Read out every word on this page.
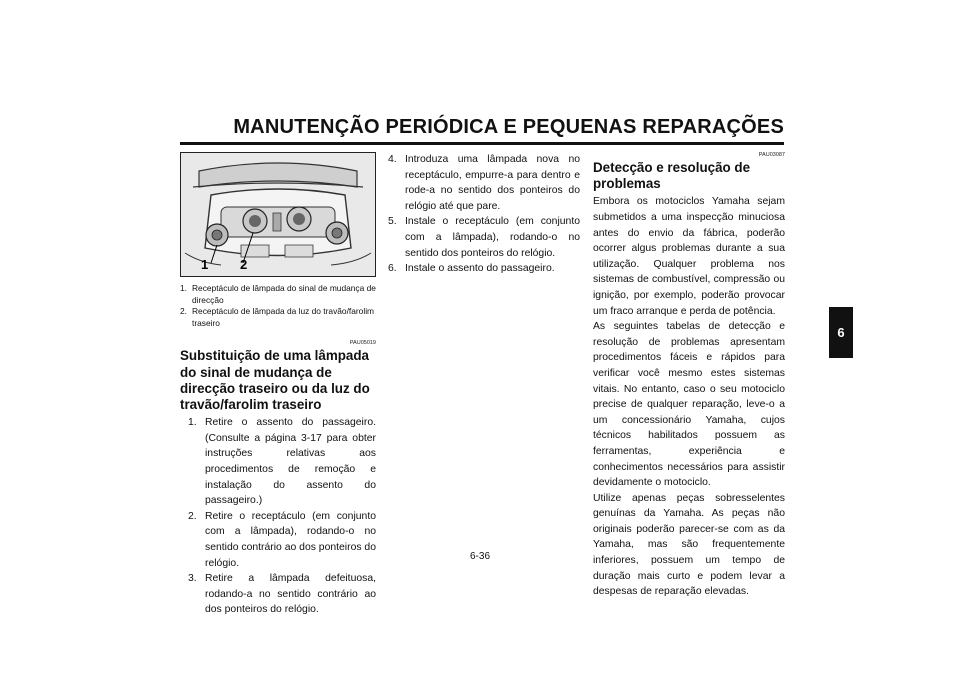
MANUTENÇÃO PERIÓDICA E PEQUENAS REPARAÇÕES
6
1 2
1. Receptáculo de lâmpada do sinal de mudança de direcção
2. Receptáculo de lâmpada da luz do travão/farolim traseiro
PAU05019
Substituição de uma lâmpada do sinal de mudança de direcção traseiro ou da luz do travão/farolim traseiro
1. Retire o assento do passageiro. (Consulte a página 3-17 para obter instruções relativas aos procedimentos de remoção e instalação do assento do passageiro.)
2. Retire o receptáculo (em conjunto com a lâmpada), rodando-o no sentido contrário ao dos ponteiros do relógio.
3. Retire a lâmpada defeituosa, rodando-a no sentido contrário ao dos ponteiros do relógio.
4. Introduza uma lâmpada nova no receptáculo, empurre-a para dentro e rode-a no sentido dos ponteiros do relógio até que pare.
5. Instale o receptáculo (em conjunto com a lâmpada), rodando-o no sentido dos ponteiros do relógio.
6. Instale o assento do passageiro.
PAU03087
Detecção e resolução de problemas

Embora os motociclos Yamaha sejam submetidos a uma inspecção minuciosa antes do envio da fábrica, poderão ocorrer algus problemas durante a sua utilização. Qualquer problema nos sistemas de combustível, compressão ou ignição, por exemplo, poderão provocar um fraco arranque e perda de potência.

As seguintes tabelas de detecção e resolução de problemas apresentam procedimentos fáceis e rápidos para verificar você mesmo estes sistemas vitais. No entanto, caso o seu motociclo precise de qualquer reparação, leve-o a um concessionário Yamaha, cujos técnicos habilitados possuem as ferramentas, experiência e conhecimentos necessários para assistir devidamente o motociclo.

Utilize apenas peças sobresselentes genuínas da Yamaha. As peças não originais poderão parecer-se com as da Yamaha, mas são frequentemente inferiores, possuem um tempo de duração mais curto e podem levar a despesas de reparação elevadas.

6-36
